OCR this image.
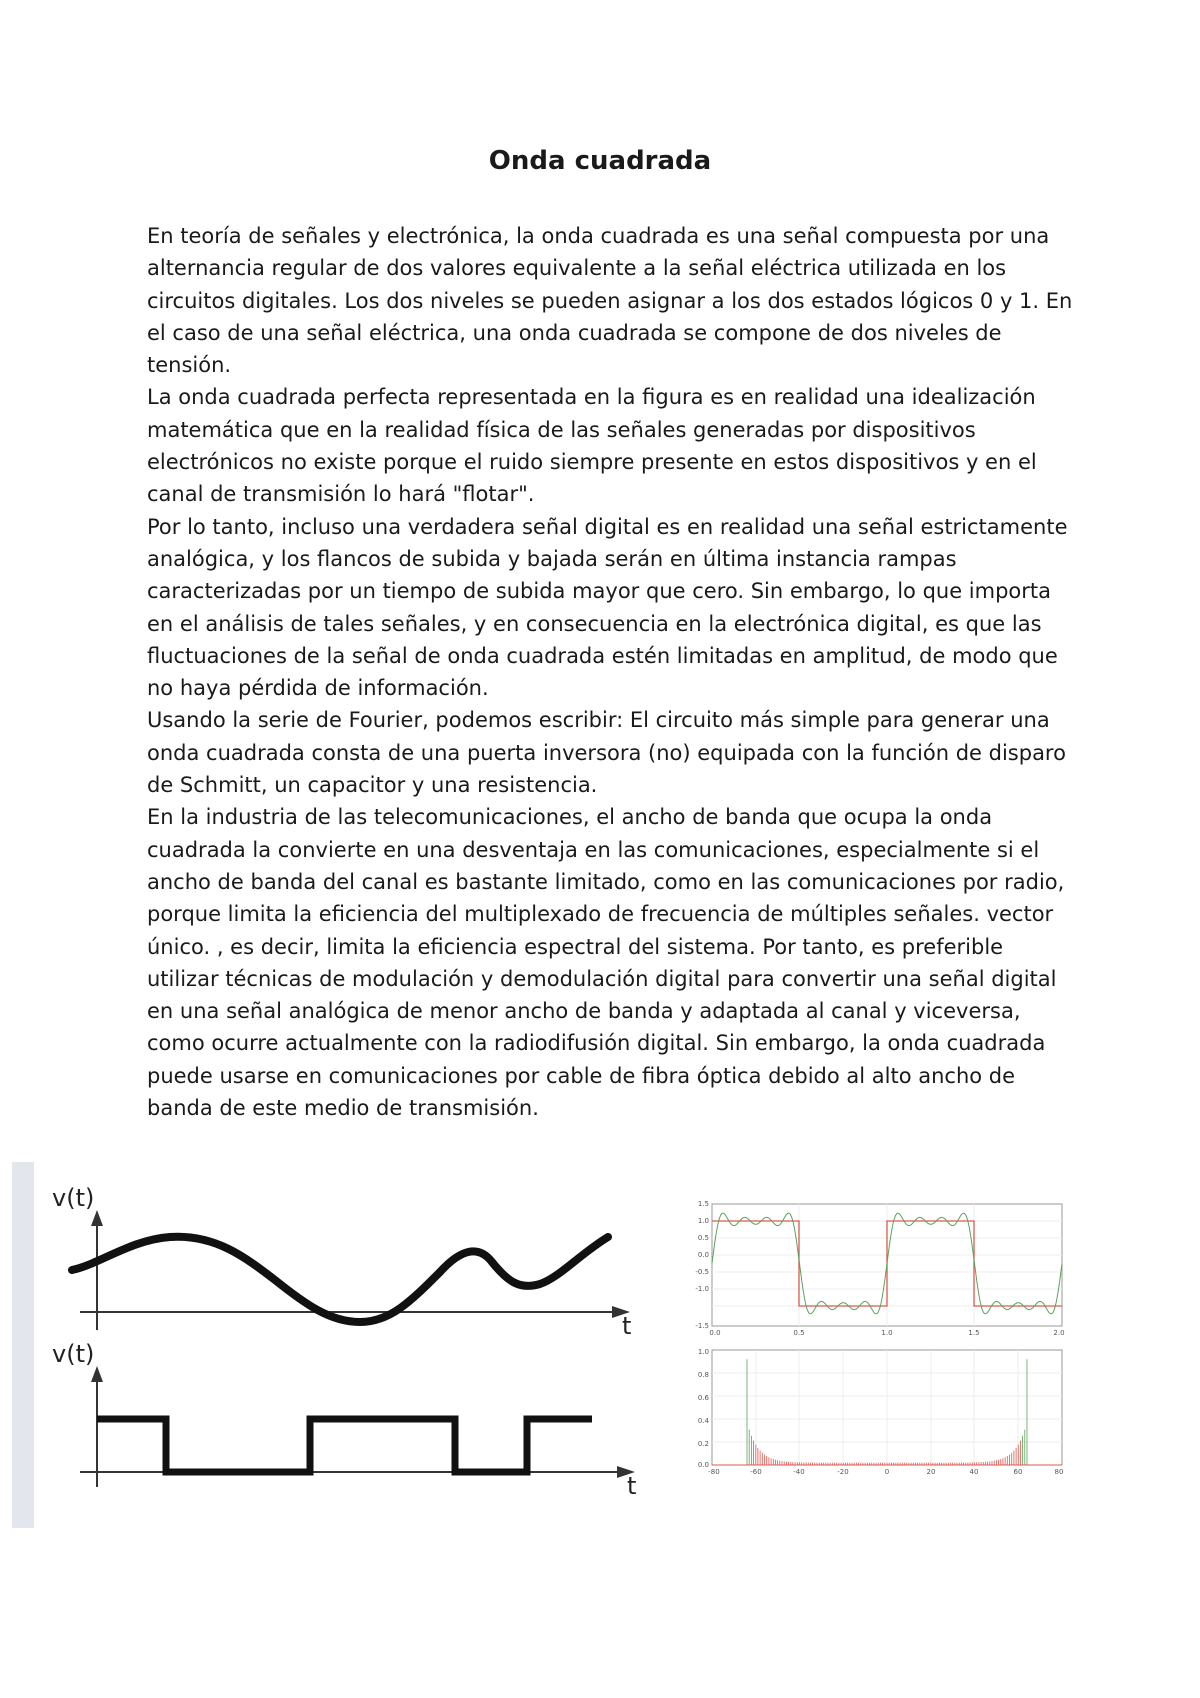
Onda cuadrada

En teoría de señales y electrónica, la onda cuadrada es una señal compuesta por una alternancia regular de dos valores equivalente a la señal eléctrica utilizada en los circuitos digitales. Los dos niveles se pueden asignar a los dos estados lógicos 0 y 1. En el caso de una señal eléctrica, una onda cuadrada se compone de dos niveles de tensión.

La onda cuadrada perfecta representada en la figura es en realidad una idealización matemática que en la realidad física de las señales generadas por dispositivos electrónicos no existe porque el ruido siempre presente en estos dispositivos y en el canal de transmisión lo hará "flotar".

Por lo tanto, incluso una verdadera señal digital es en realidad una señal estrictamente analógica, y los flancos de subida y bajada serán en última instancia rampas caracterizadas por un tiempo de subida mayor que cero. Sin embargo, lo que importa en el análisis de tales señales, y en consecuencia en la electrónica digital, es que las fluctuaciones de la señal de onda cuadrada estén limitadas en amplitud, de modo que no haya pérdida de información.

Usando la serie de Fourier, podemos escribir: El circuito más simple para generar una onda cuadrada consta de una puerta inversora (no) equipada con la función de disparo de Schmitt, un capacitor y una resistencia.

En la industria de las telecomunicaciones, el ancho de banda que ocupa la onda cuadrada la convierte en una desventaja en las comunicaciones, especialmente si el ancho de banda del canal es bastante limitado, como en las comunicaciones por radio, porque limita la eficiencia del multiplexado de frecuencia de múltiples señales. vector único. , es decir, limita la eficiencia espectral del sistema. Por tanto, es preferible utilizar técnicas de modulación y demodulación digital para convertir una señal digital en una señal analógica de menor ancho de banda y adaptada al canal y viceversa, como ocurre actualmente con la radiodifusión digital. Sin embargo, la onda cuadrada puede usarse en comunicaciones por cable de fibra óptica debido al alto ancho de banda de este medio de transmisión.

v(t)
t
v(t)
t
1.5
1.0
0.5
0.0
-0.5
-1.0
-1.5
0.0	0.5	1.0	1.5	2.0
1.0
0.8
0.6
0.4
0.2
0.0
-80	-60	-40	-20	0	20	40	60	80
